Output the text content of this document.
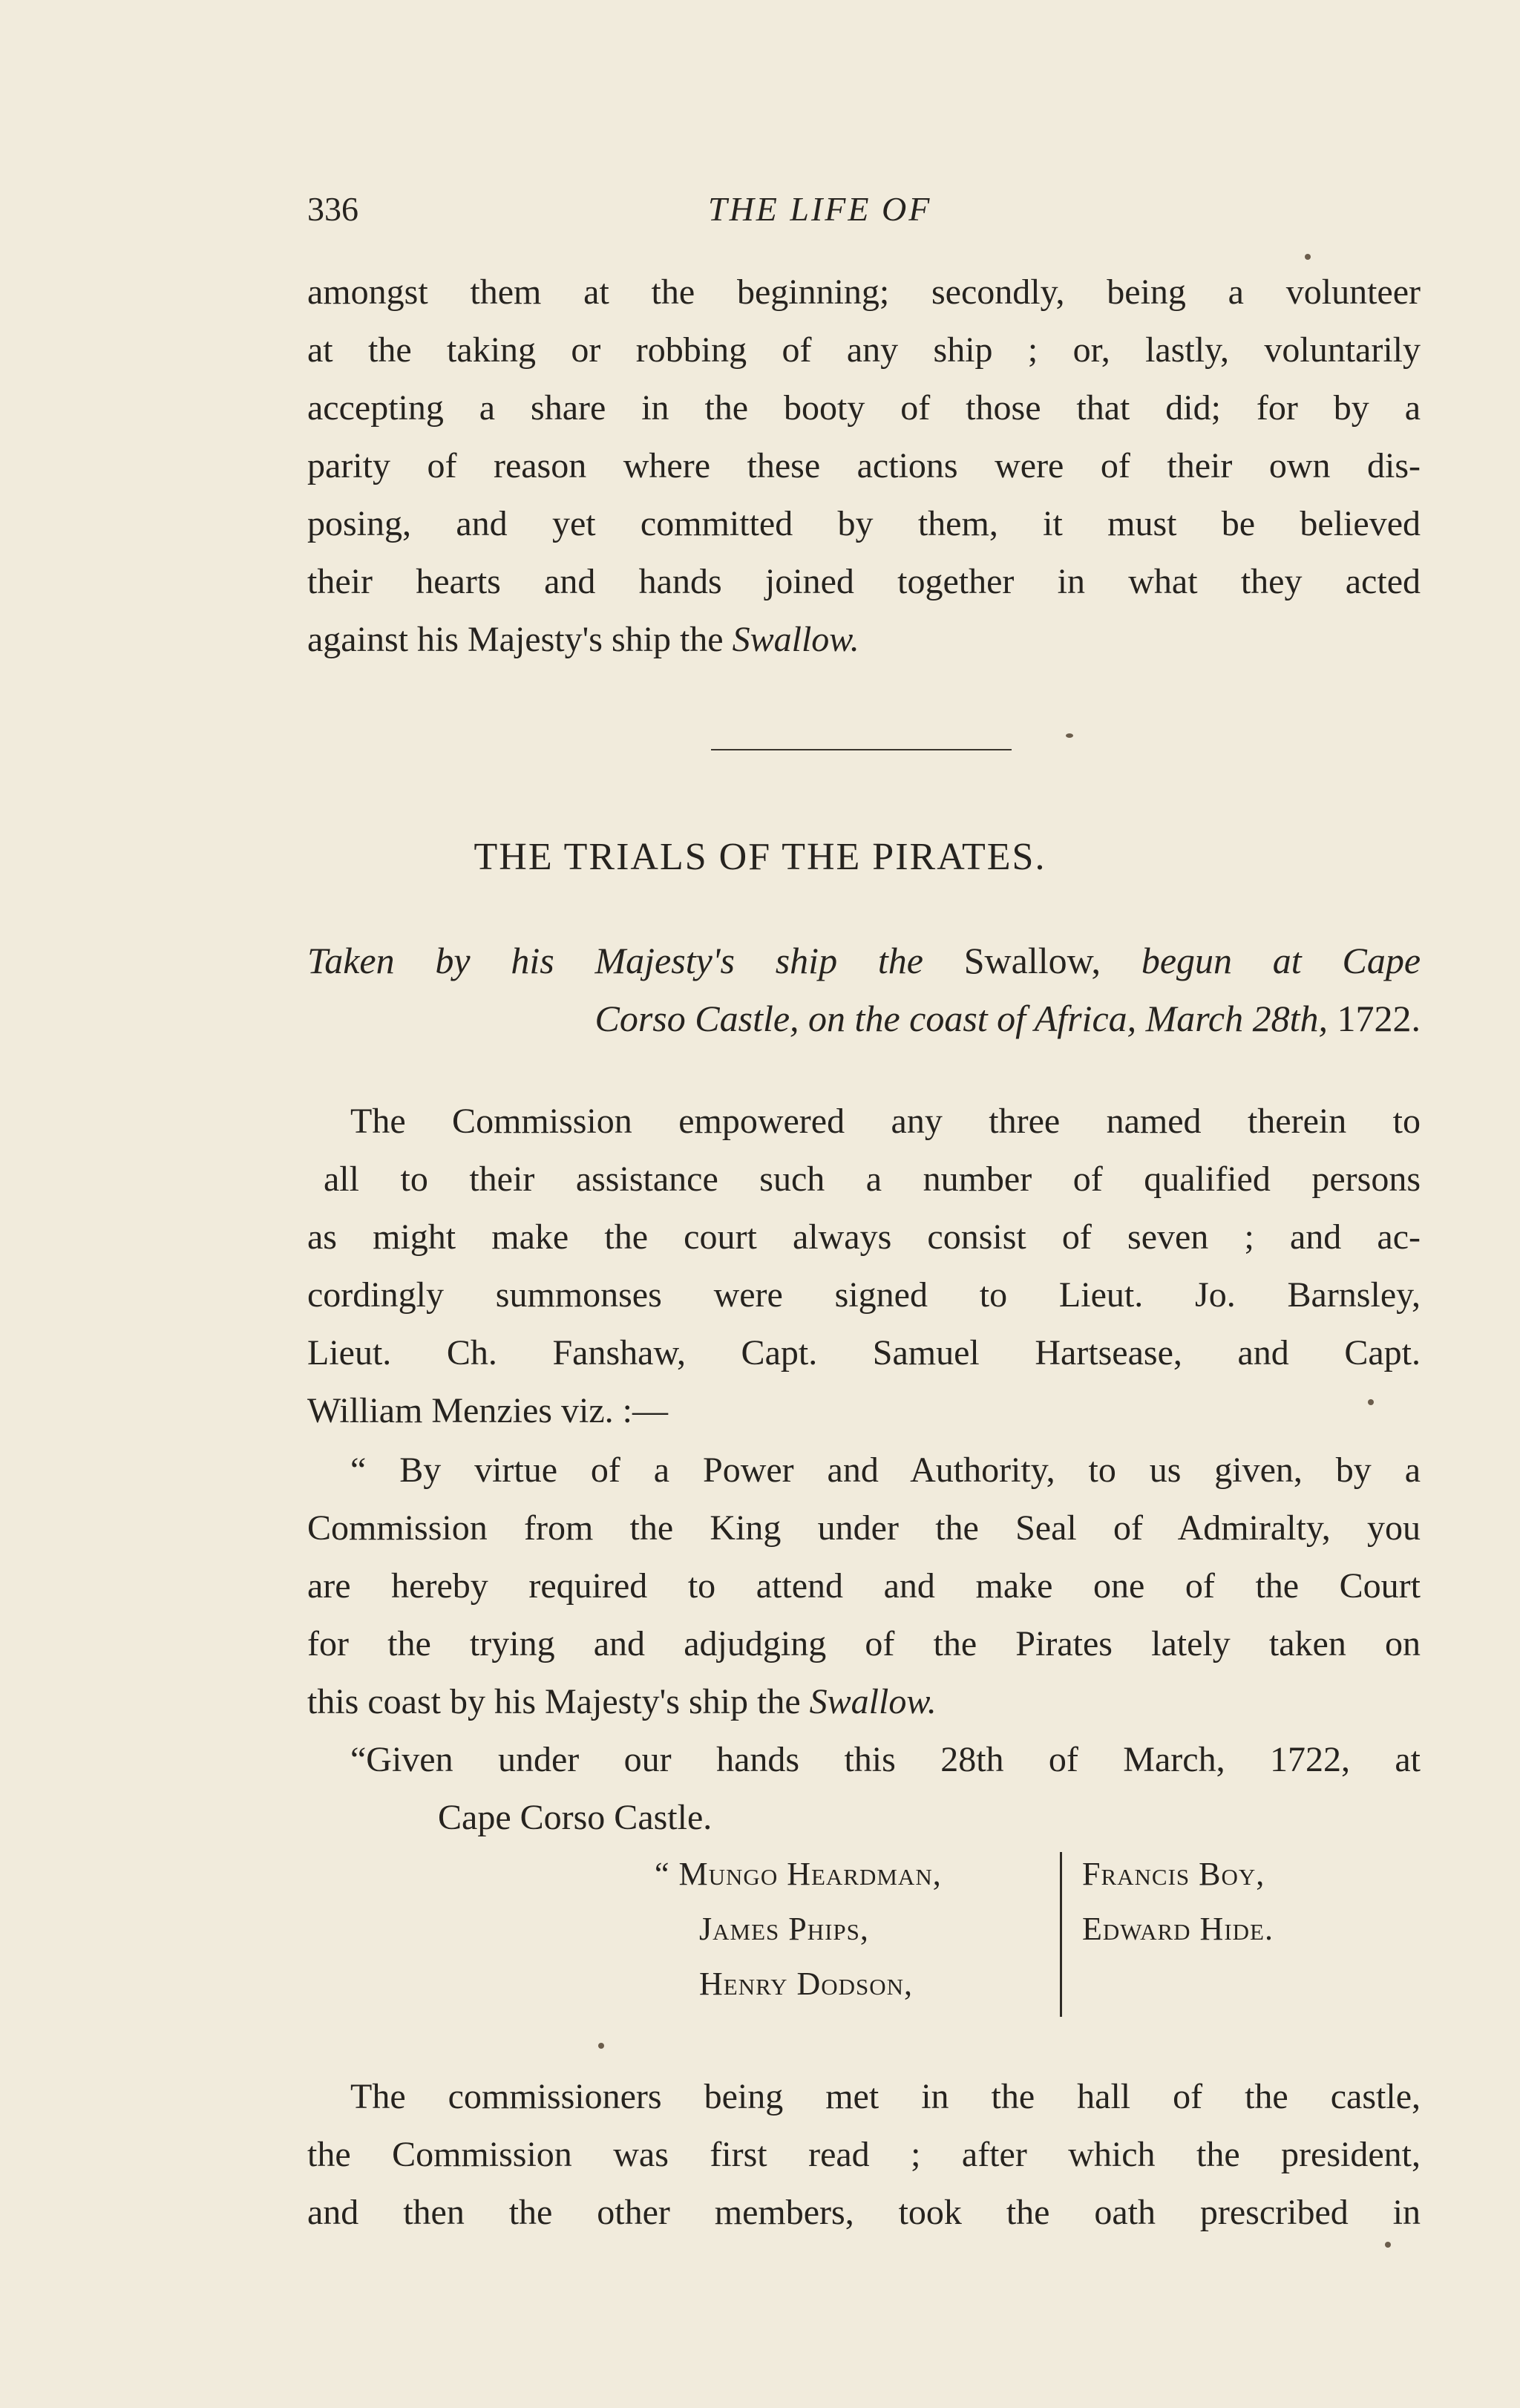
336	THE LIFE OF
amongst them at the beginning; secondly, being a volunteer
at the taking or robbing of any ship ; or, lastly, voluntarily
accepting a share in the booty of those that did; for by a
parity of reason where these actions were of their own dis-
posing, and yet committed by them, it must be believed
their hearts and hands joined together in what they acted
against his Majesty's ship the Swallow.
THE TRIALS OF THE PIRATES.
Taken by his Majesty's ship the Swallow, begun at Cape
Corso Castle, on the coast of Africa, March 28th, 1722.
The Commission empowered any three named therein to
all to their assistance such a number of qualified persons
as might make the court always consist of seven ; and ac-
cordingly summonses were signed to Lieut. Jo. Barnsley,
Lieut. Ch. Fanshaw, Capt. Samuel Hartsease, and Capt.
William Menzies viz. :—
“ By virtue of a Power and Authority, to us given, by a
Commission from the King under the Seal of Admiralty, you
are hereby required to attend and make one of the Court
for the trying and adjudging of the Pirates lately taken on
this coast by his Majesty's ship the Swallow.
“Given under our hands this 28th of March, 1722, at
Cape Corso Castle.
“ Mungo Heardman,
James Phips,
Henry Dodson,
Francis Boy,
Edward Hide.
The commissioners being met in the hall of the castle,
the Commission was first read ; after which the president,
and then the other members, took the oath prescribed in
